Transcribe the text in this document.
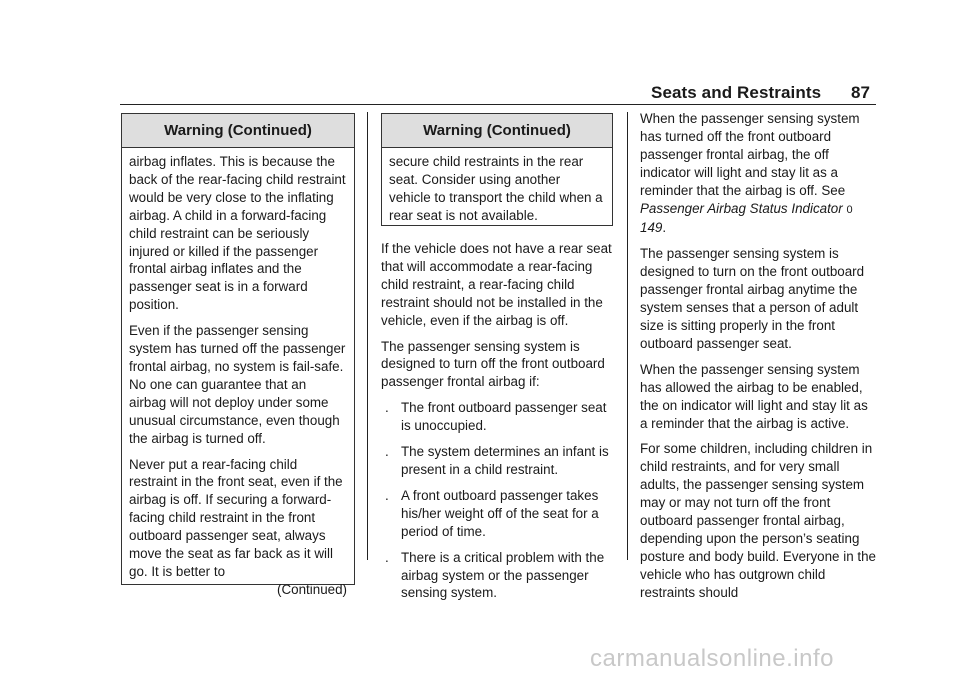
Seats and Restraints 87
Warning (Continued)

airbag inflates. This is because the back of the rear-facing child restraint would be very close to the inflating airbag. A child in a forward-facing child restraint can be seriously injured or killed if the passenger frontal airbag inflates and the passenger seat is in a forward position.

Even if the passenger sensing system has turned off the passenger frontal airbag, no system is fail-safe. No one can guarantee that an airbag will not deploy under some unusual circumstance, even though the airbag is turned off.

Never put a rear-facing child restraint in the front seat, even if the airbag is off. If securing a forward-facing child restraint in the front outboard passenger seat, always move the seat as far back as it will go. It is better to

(Continued)
Warning (Continued)

secure child restraints in the rear seat. Consider using another vehicle to transport the child when a rear seat is not available.

If the vehicle does not have a rear seat that will accommodate a rear-facing child restraint, a rear-facing child restraint should not be installed in the vehicle, even if the airbag is off.

The passenger sensing system is designed to turn off the front outboard passenger frontal airbag if:

. The front outboard passenger seat is unoccupied.
. The system determines an infant is present in a child restraint.
. A front outboard passenger takes his/her weight off of the seat for a period of time.
. There is a critical problem with the airbag system or the passenger sensing system.

When the passenger sensing system has turned off the front outboard passenger frontal airbag, the off indicator will light and stay lit as a reminder that the airbag is off. See Passenger Airbag Status Indicator 0 149.

The passenger sensing system is designed to turn on the front outboard passenger frontal airbag anytime the system senses that a person of adult size is sitting properly in the front outboard passenger seat.

When the passenger sensing system has allowed the airbag to be enabled, the on indicator will light and stay lit as a reminder that the airbag is active.

For some children, including children in child restraints, and for very small adults, the passenger sensing system may or may not turn off the front outboard passenger frontal airbag, depending upon the person’s seating posture and body build. Everyone in the vehicle who has outgrown child restraints should

carmanualsonline.info
